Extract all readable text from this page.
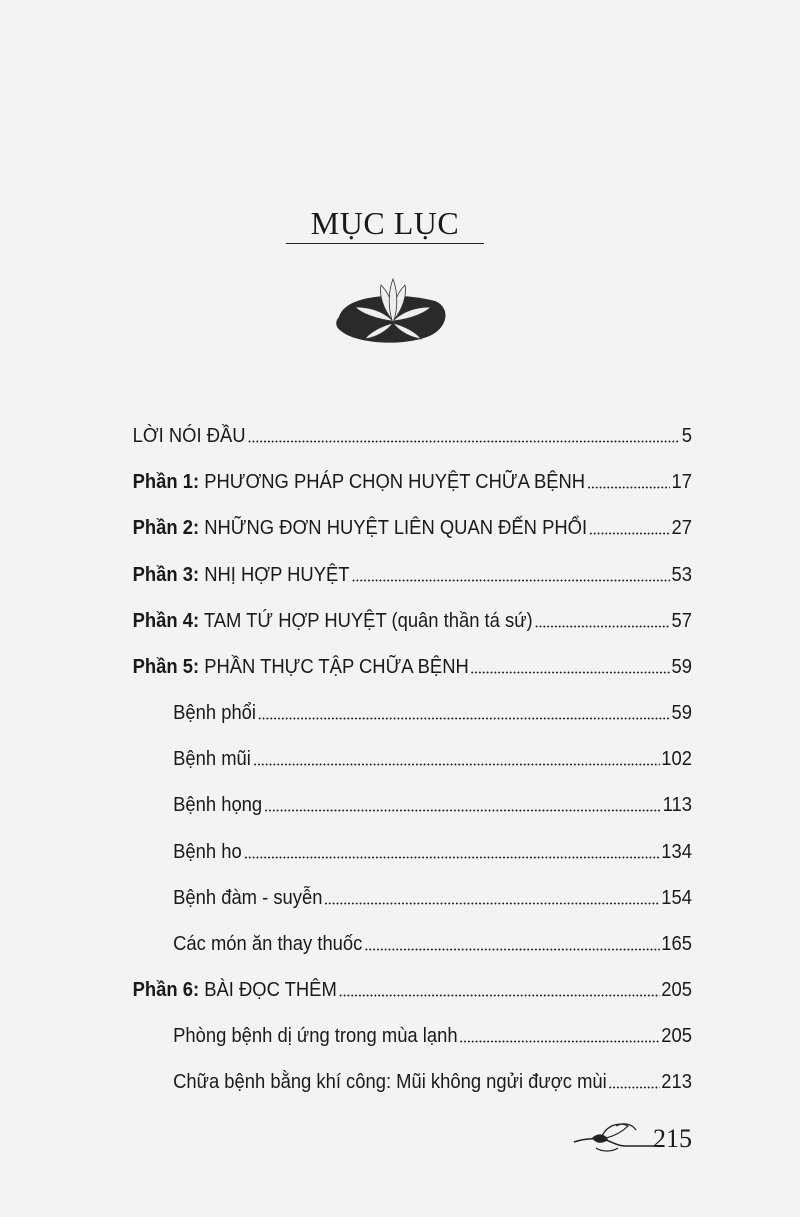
MỤC LỤC
LỜI NÓI ĐẦU	5
Phần 1: PHƯƠNG PHÁP CHỌN HUYỆT CHỮA BỆNH	17
Phần 2: NHỮNG ĐƠN HUYỆT LIÊN QUAN ĐẾN PHỔI	27
Phần 3: NHỊ HỢP HUYỆT	53
Phần 4: TAM TỨ HỢP HUYỆT (quân thần tá sứ)	57
Phần 5: PHẦN THỰC TẬP CHỮA BỆNH	59
Bệnh phổi	59
Bệnh mũi	102
Bệnh họng	113
Bệnh ho	134
Bệnh đàm - suyễn	154
Các món ăn thay thuốc	165
Phần 6: BÀI ĐỌC THÊM	205
Phòng bệnh dị ứng trong mùa lạnh	205
Chữa bệnh bằng khí công: Mũi không ngửi được mùi	213
215
